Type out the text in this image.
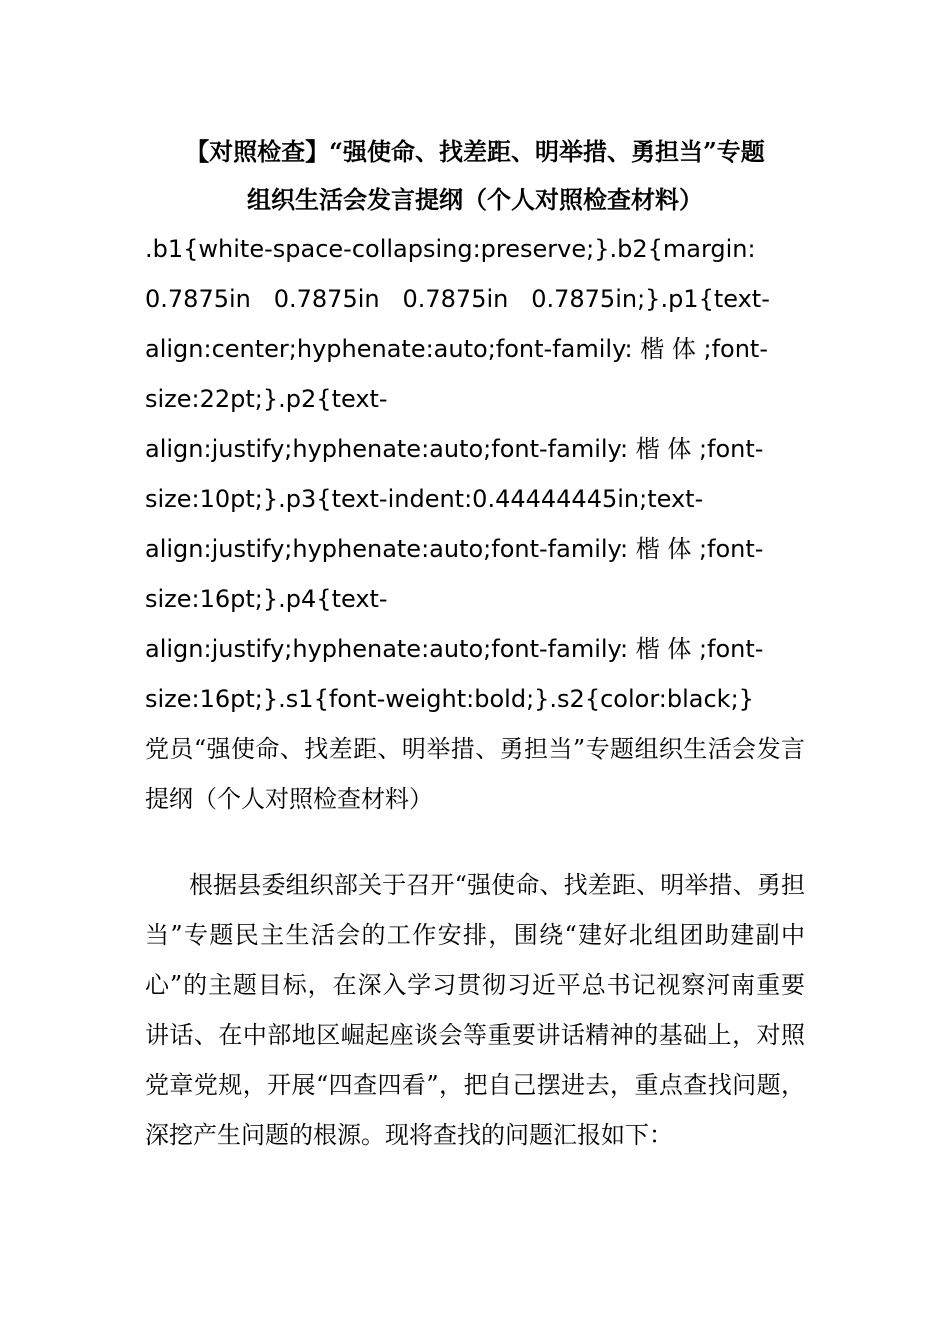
【对照检查】“强使命、找差距、明举措、勇担当”专题
组织生活会发言提纲（个人对照检查材料）
.b1{white-space-collapsing:preserve;}.b2{margin:
0.7875in   0.7875in   0.7875in   0.7875in;}.p1{text-
align:center;hyphenate:auto;font-family: 楷 体 ;font-
size:22pt;}.p2{text-
align:justify;hyphenate:auto;font-family: 楷 体 ;font-
size:10pt;}.p3{text-indent:0.44444445in;text-
align:justify;hyphenate:auto;font-family: 楷 体 ;font-
size:16pt;}.p4{text-
align:justify;hyphenate:auto;font-family: 楷 体 ;font-
size:16pt;}.s1{font-weight:bold;}.s2{color:black;}

党员“强使命、找差距、明举措、勇担当”专题组织生活会发言提纲（个人对照检查材料）

根据县委组织部关于召开“强使命、找差距、明举措、勇担当”专题民主生活会的工作安排，围绕“建好北组团助建副中心”的主题目标，在深入学习贯彻习近平总书记视察河南重要讲话、在中部地区崛起座谈会等重要讲话精神的基础上，对照党章党规，开展“四查四看”，把自己摆进去，重点查找问题，深挖产生问题的根源。现将查找的问题汇报如下：
